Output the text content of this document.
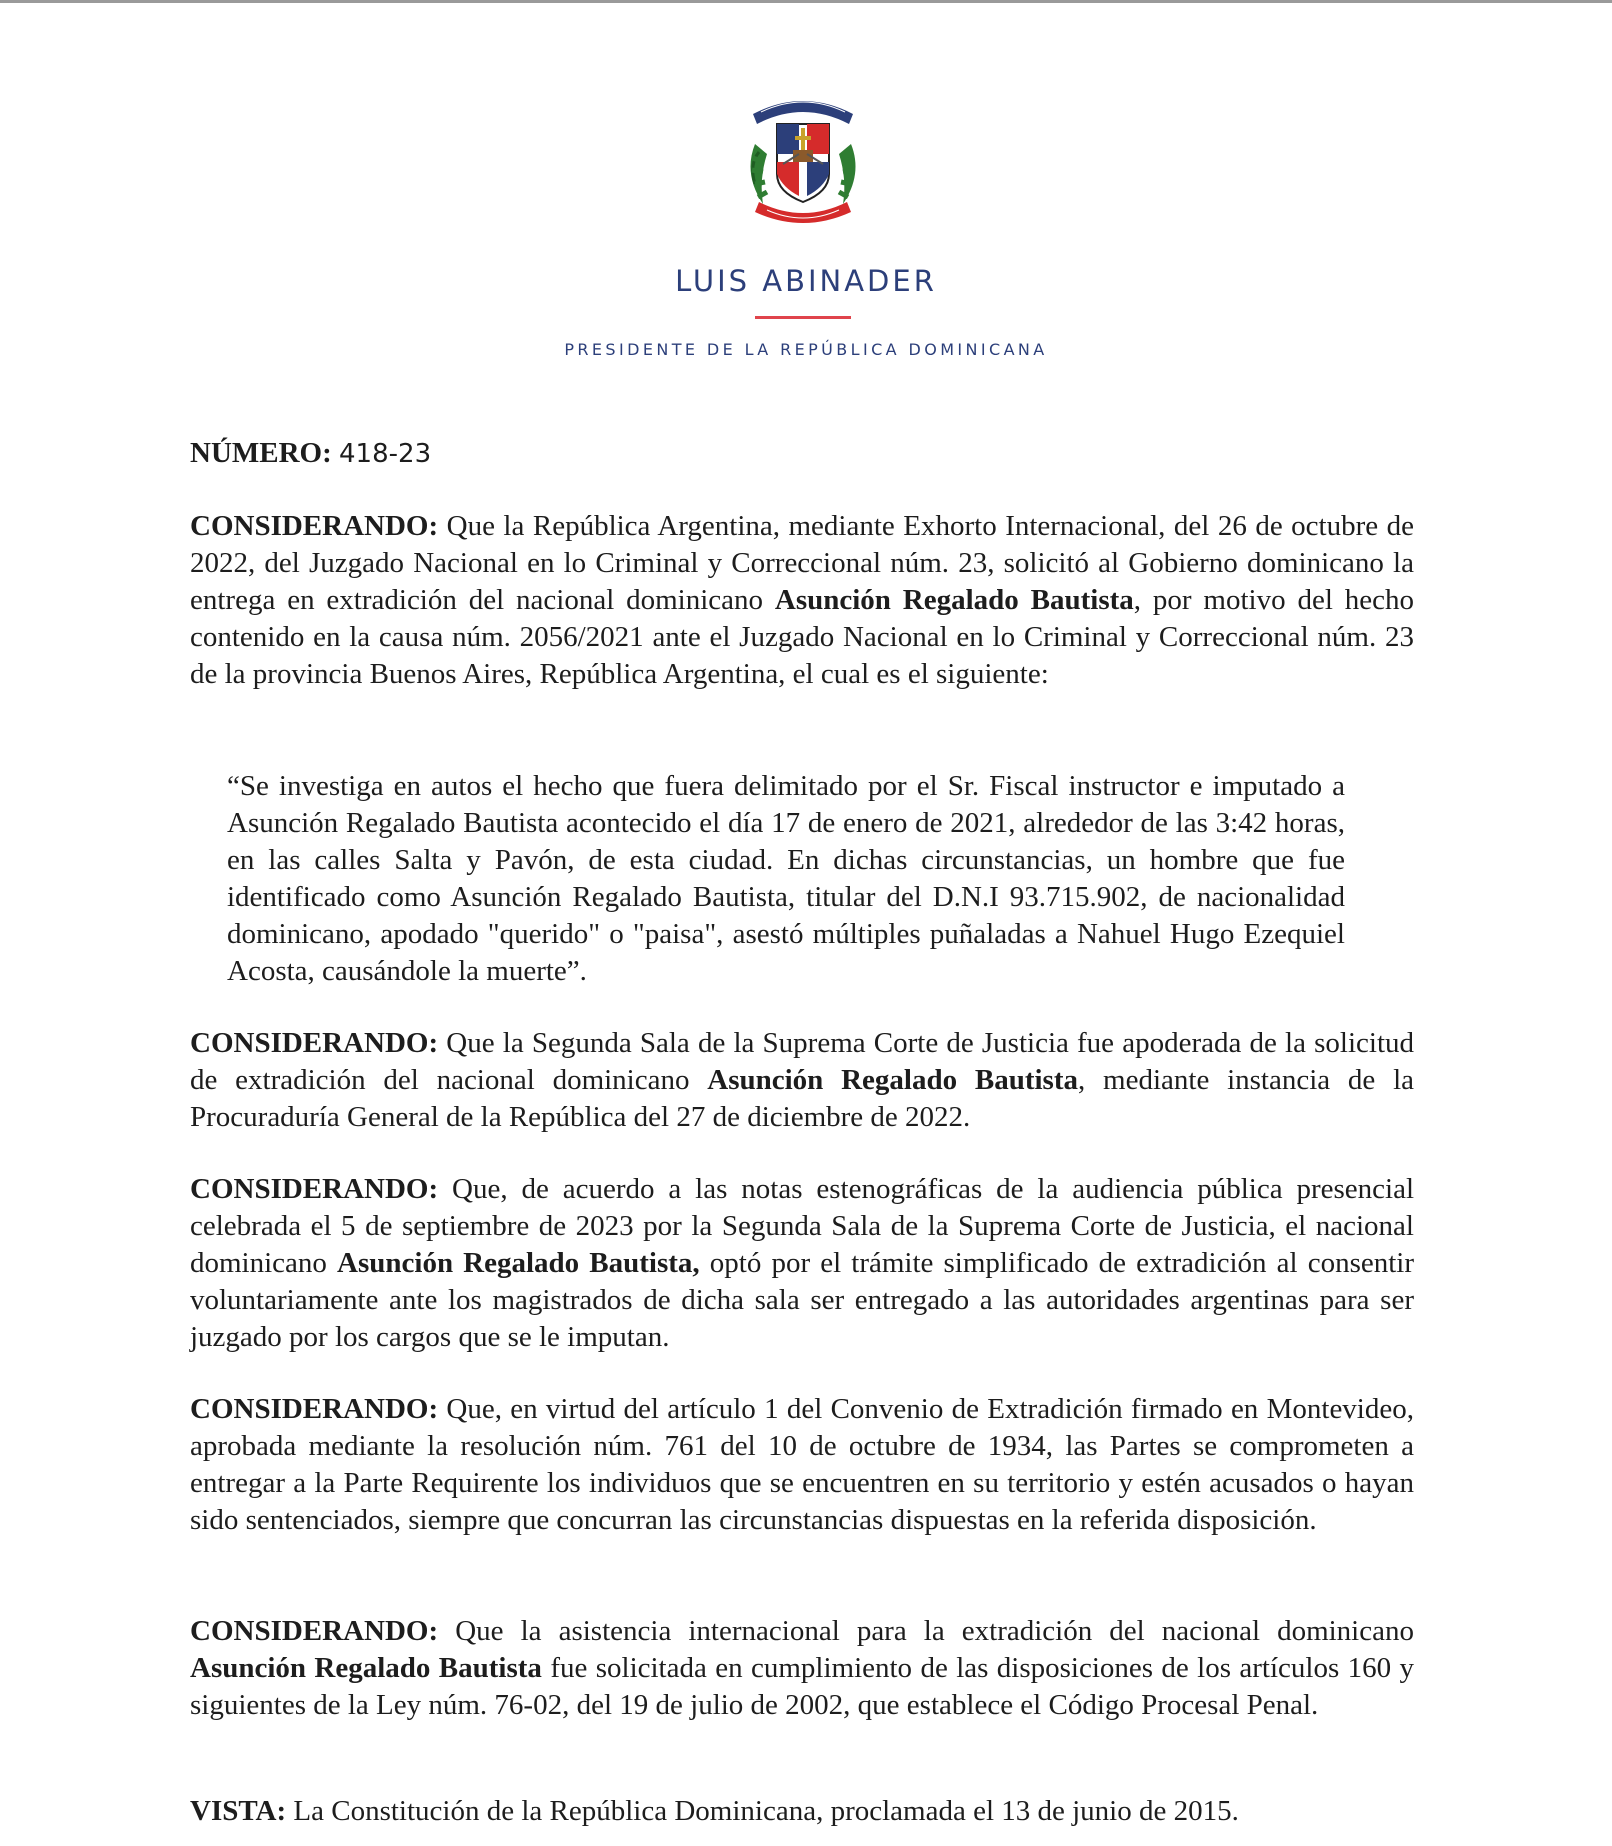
LUIS ABINADER
PRESIDENTE DE LA REPÚBLICA DOMINICANA
NÚMERO: 418-23
CONSIDERANDO: Que la República Argentina, mediante Exhorto Internacional, del 26 de octubre de 2022, del Juzgado Nacional en lo Criminal y Correccional núm. 23, solicitó al Gobierno dominicano la entrega en extradición del nacional dominicano Asunción Regalado Bautista, por motivo del hecho contenido en la causa núm. 2056/2021 ante el Juzgado Nacional en lo Criminal y Correccional núm. 23 de la provincia Buenos Aires, República Argentina, el cual es el siguiente:
“Se investiga en autos el hecho que fuera delimitado por el Sr. Fiscal instructor e imputado a Asunción Regalado Bautista acontecido el día 17 de enero de 2021, alrededor de las 3:42 horas, en las calles Salta y Pavón, de esta ciudad. En dichas circunstancias, un hombre que fue identificado como Asunción Regalado Bautista, titular del D.N.I 93.715.902, de nacionalidad dominicano, apodado "querido" o "paisa", asestó múltiples puñaladas a Nahuel Hugo Ezequiel Acosta, causándole la muerte”.
CONSIDERANDO: Que la Segunda Sala de la Suprema Corte de Justicia fue apoderada de la solicitud de extradición del nacional dominicano Asunción Regalado Bautista, mediante instancia de la Procuraduría General de la República del 27 de diciembre de 2022.
CONSIDERANDO: Que, de acuerdo a las notas estenográficas de la audiencia pública presencial celebrada el 5 de septiembre de 2023 por la Segunda Sala de la Suprema Corte de Justicia, el nacional dominicano Asunción Regalado Bautista, optó por el trámite simplificado de extradición al consentir voluntariamente ante los magistrados de dicha sala ser entregado a las autoridades argentinas para ser juzgado por los cargos que se le imputan.
CONSIDERANDO: Que, en virtud del artículo 1 del Convenio de Extradición firmado en Montevideo, aprobada mediante la resolución núm. 761 del 10 de octubre de 1934, las Partes se comprometen a entregar a la Parte Requirente los individuos que se encuentren en su territorio y estén acusados o hayan sido sentenciados, siempre que concurran las circunstancias dispuestas en la referida disposición.
CONSIDERANDO: Que la asistencia internacional para la extradición del nacional dominicano Asunción Regalado Bautista fue solicitada en cumplimiento de las disposiciones de los artículos 160 y siguientes de la Ley núm. 76-02, del 19 de julio de 2002, que establece el Código Procesal Penal.
VISTA: La Constitución de la República Dominicana, proclamada el 13 de junio de 2015.
